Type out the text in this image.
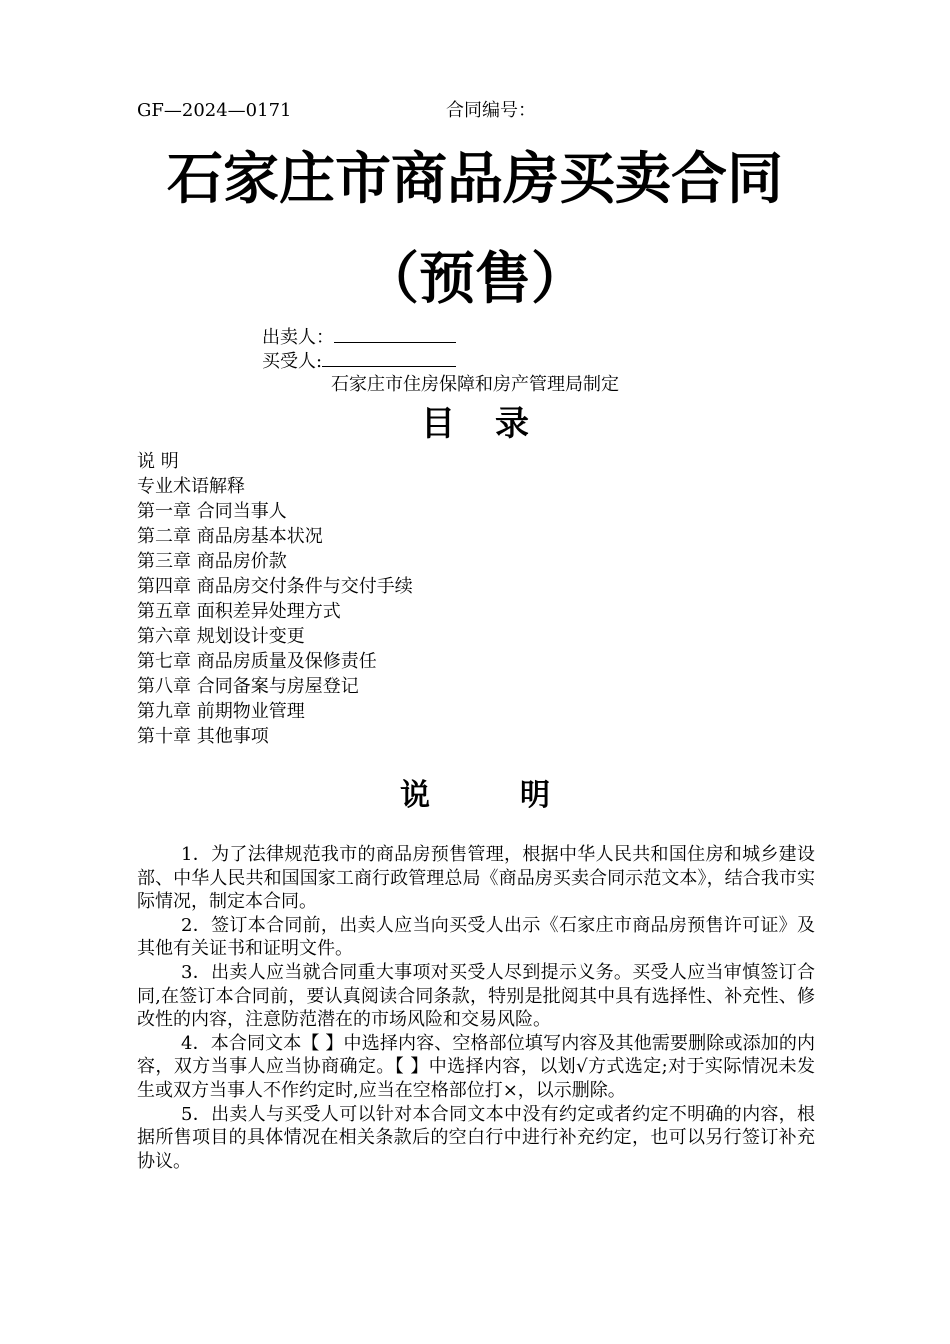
GF—2024—0171	合同编号：
石家庄市商品房买卖合同
（预售）
出卖人：
买受人:
石家庄市住房保障和房产管理局制定
目录
说 明
专业术语解释
第一章 合同当事人
第二章 商品房基本状况
第三章 商品房价款
第四章 商品房交付条件与交付手续
第五章 面积差异处理方式
第六章 规划设计变更
第七章 商品房质量及保修责任
第八章 合同备案与房屋登记
第九章 前期物业管理
第十章 其他事项
说明

1．为了法律规范我市的商品房预售管理，根据中华人民共和国住房和城乡建设部、中华人民共和国国家工商行政管理总局《商品房买卖合同示范文本》，结合我市实际情况，制定本合同。

2．签订本合同前，出卖人应当向买受人出示《石家庄市商品房预售许可证》及其他有关证书和证明文件。

3．出卖人应当就合同重大事项对买受人尽到提示义务。买受人应当审慎签订合同,在签订本合同前，要认真阅读合同条款，特别是批阅其中具有选择性、补充性、修改性的内容，注意防范潜在的市场风险和交易风险。

4．本合同文本【 】中选择内容、空格部位填写内容及其他需要删除或添加的内容，双方当事人应当协商确定。【 】中选择内容，以划√方式选定;对于实际情况未发生或双方当事人不作约定时,应当在空格部位打×，以示删除。

5．出卖人与买受人可以针对本合同文本中没有约定或者约定不明确的内容，根据所售项目的具体情况在相关条款后的空白行中进行补充约定，也可以另行签订补充协议。
